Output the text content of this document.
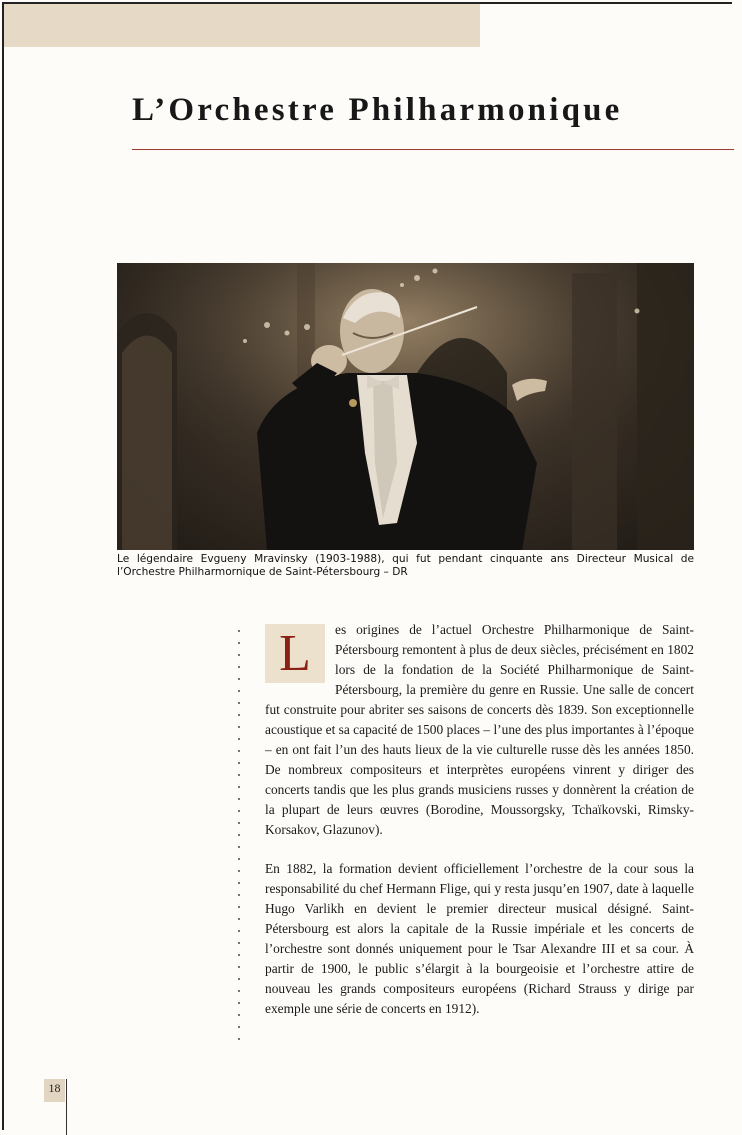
L’Orchestre Philharmonique

Le légendaire Evgueny Mravinsky (1903-1988), qui fut pendant cinquante ans Directeur Musical de l’Orchestre Philharmornique de Saint-Pétersbourg – DR

L	es origines de l’actuel Orchestre Philharmonique de Saint-Pétersbourg remontent à plus de deux siècles, précisément en 1802 lors de la fondation de la Société Philharmonique de Saint-Pétersbourg, la première du genre en Russie. Une salle de concert fut construite pour abriter ses saisons de concerts dès 1839. Son exceptionnelle acoustique et sa capacité de 1500 places – l’une des plus importantes à l’époque – en ont fait l’un des hauts lieux de la vie culturelle russe dès les années 1850. De nombreux compositeurs et interprètes européens vinrent y diriger des concerts tandis que les plus grands musiciens russes y donnèrent la création de la plupart de leurs œuvres (Borodine, Moussorgsky, Tchaïkovski, Rimsky-Korsakov, Glazunov).

En 1882, la formation devient officiellement l’orchestre de la cour sous la responsabilité du chef Hermann Flige, qui y resta jusqu’en 1907, date à laquelle Hugo Varlikh en devient le premier directeur musical désigné. Saint-Pétersbourg est alors la capitale de la Russie impériale et les concerts de l’orchestre sont donnés uniquement pour le Tsar Alexandre III et sa cour. À partir de 1900, le public s’élargit à la bourgeoisie et l’orchestre attire de nouveau les grands compositeurs européens (Richard Strauss y dirige par exemple une série de concerts en 1912).

18
